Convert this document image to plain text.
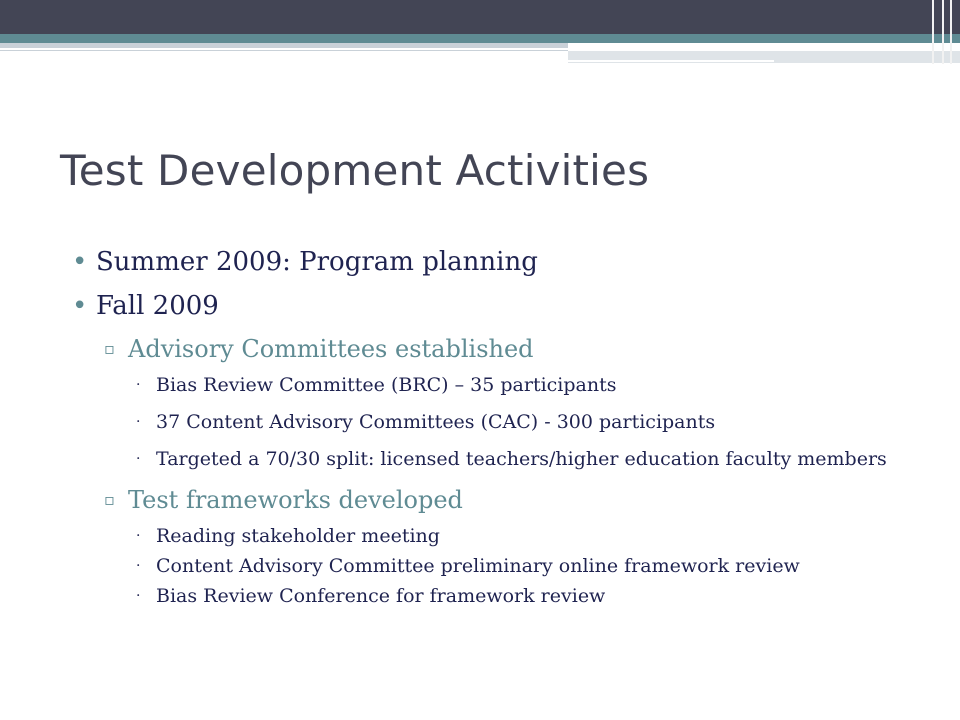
Test Development Activities
• Summer 2009: Program planning
• Fall 2009
▫ Advisory Committees established
· Bias Review Committee (BRC) – 35 participants
· 37 Content Advisory Committees (CAC) - 300 participants
· Targeted a 70/30 split: licensed teachers/higher education faculty members
▫ Test frameworks developed
· Reading stakeholder meeting
· Content Advisory Committee preliminary online framework review
· Bias Review Conference for framework review
